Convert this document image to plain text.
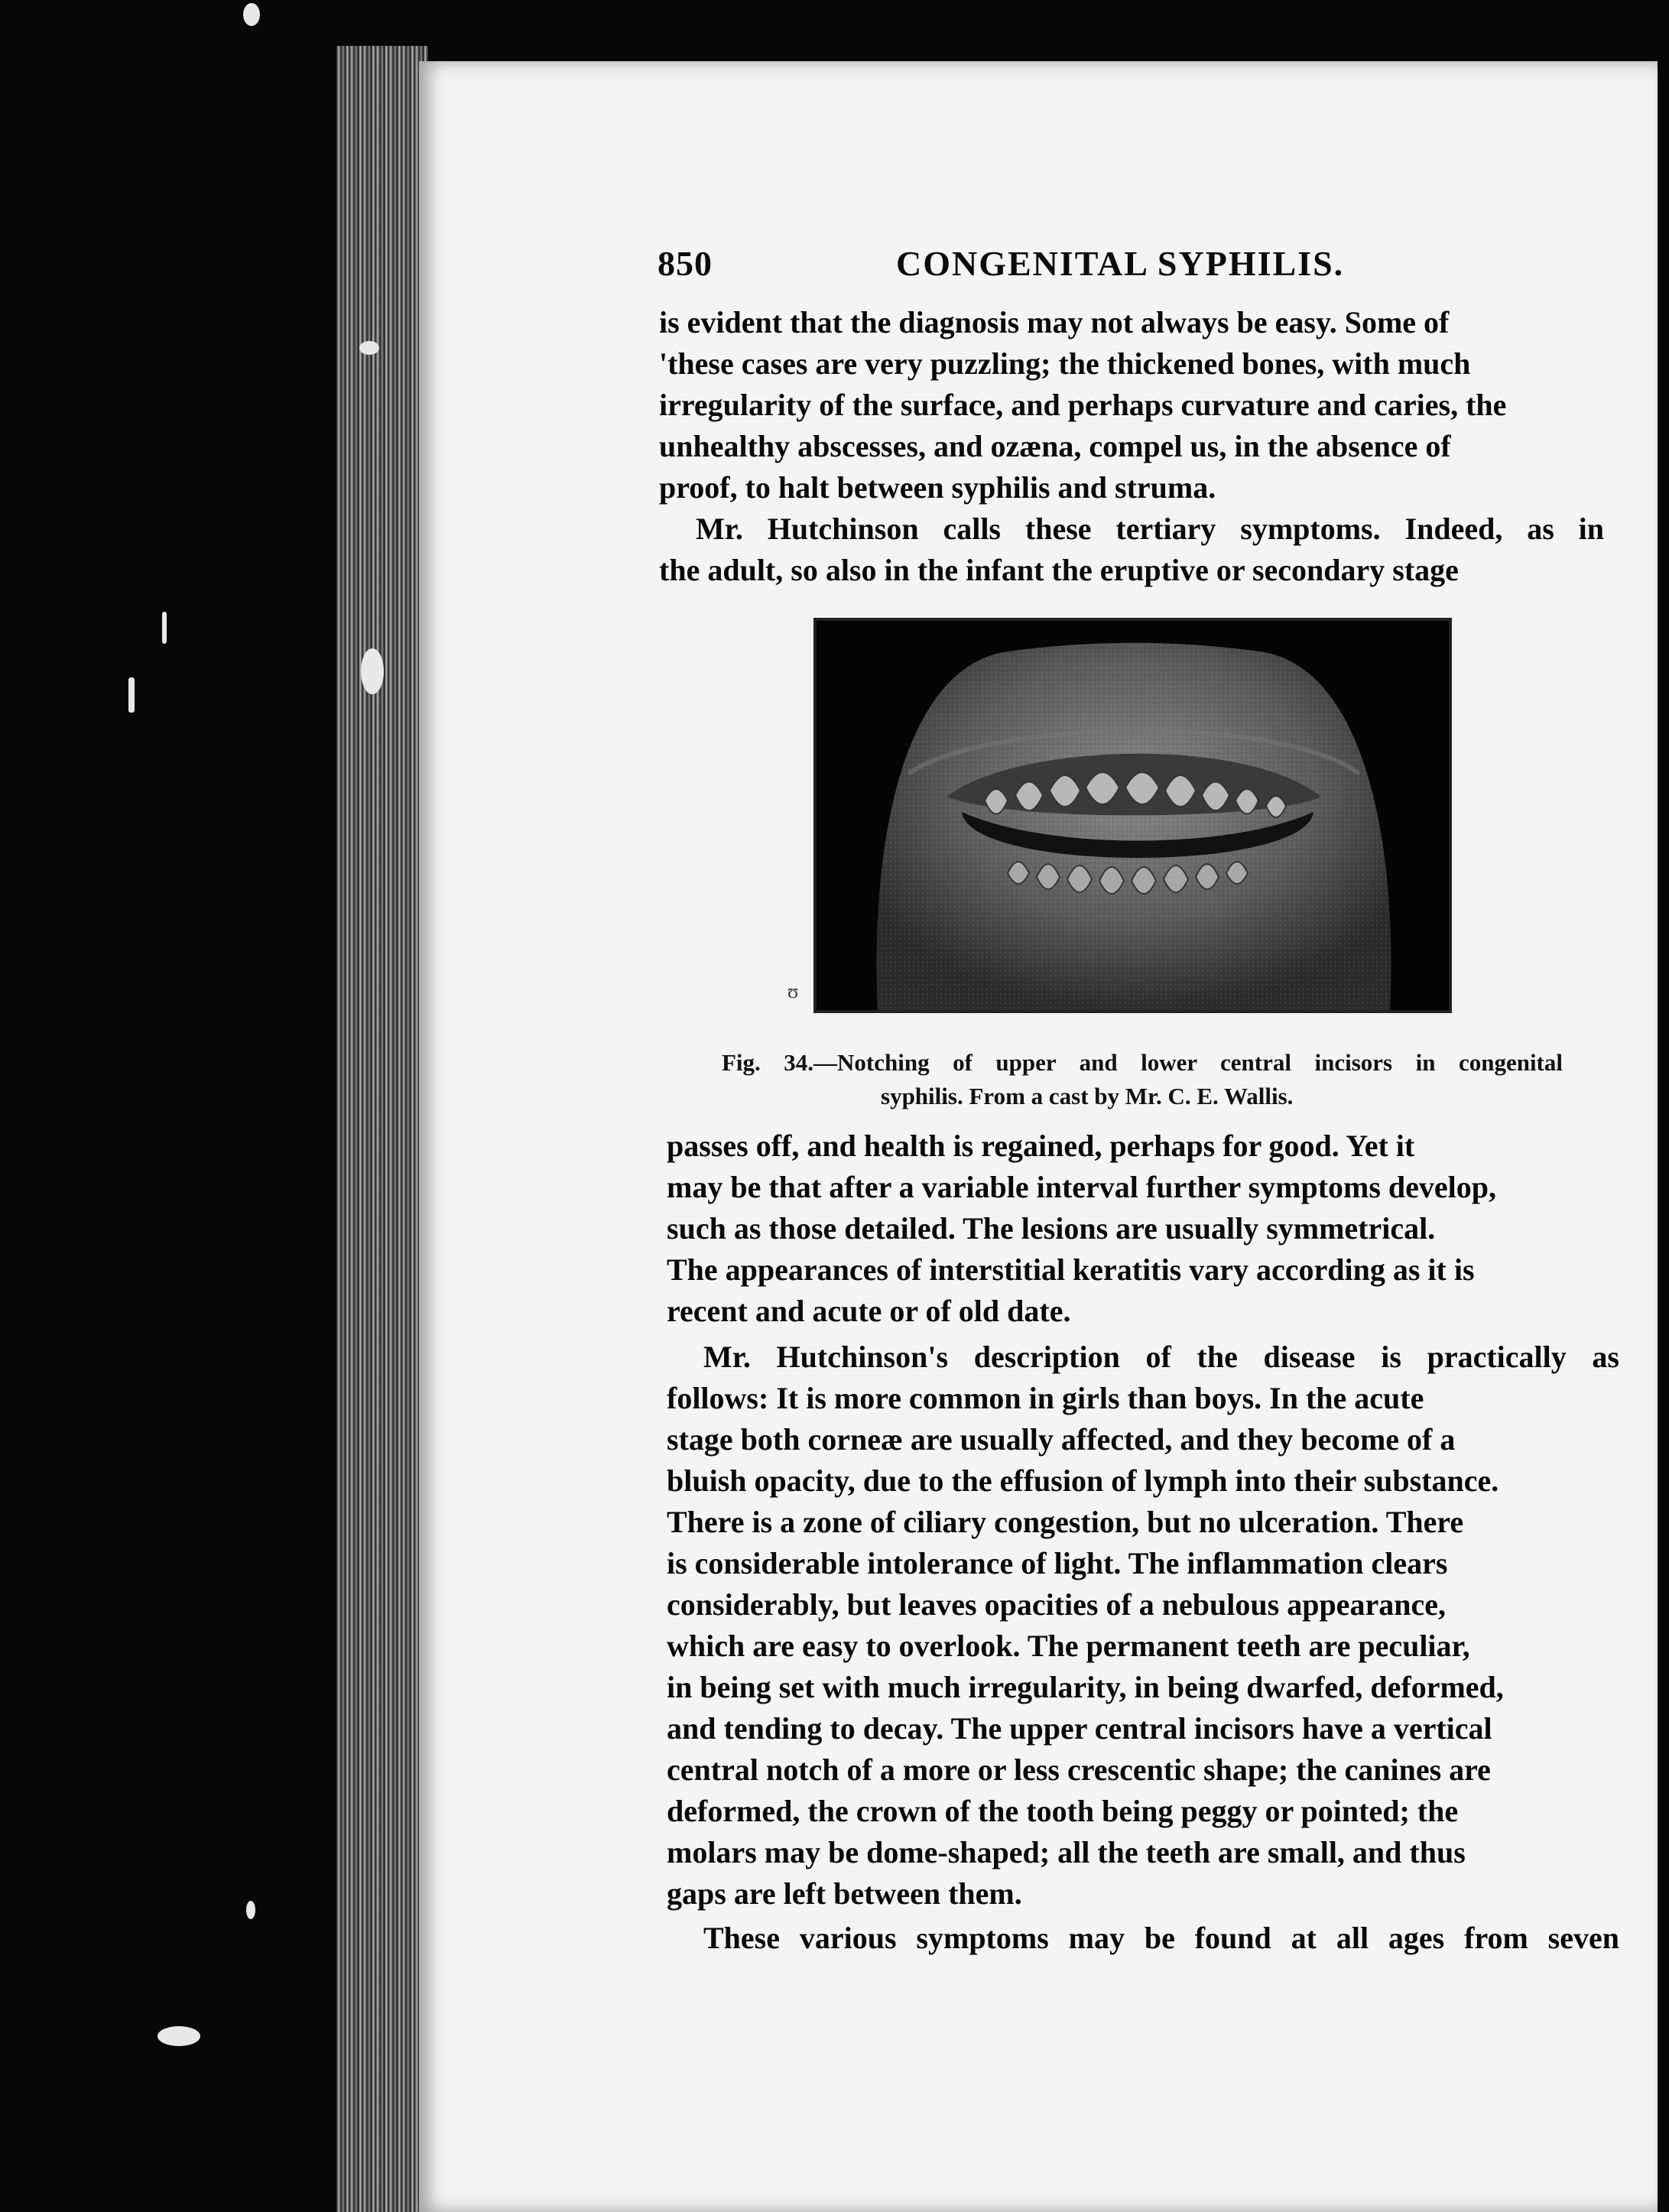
850	CONGENITAL SYPHILIS.
is evident that the diagnosis may not always be easy. Some of
'these cases are very puzzling; the thickened bones, with much
irregularity of the surface, and perhaps curvature and caries, the
unhealthy abscesses, and ozæna, compel us, in the absence of
proof, to halt between syphilis and struma.
Mr. Hutchinson calls these tertiary symptoms. Indeed, as in
the adult, so also in the infant the eruptive or secondary stage
ʊ
Fig. 34.—Notching of upper and lower central incisors in congenital
syphilis. From a cast by Mr. C. E. Wallis.
passes off, and health is regained, perhaps for good. Yet it
may be that after a variable interval further symptoms develop,
such as those detailed. The lesions are usually symmetrical.
The appearances of interstitial keratitis vary according as it is
recent and acute or of old date.
Mr. Hutchinson's description of the disease is practically as
follows: It is more common in girls than boys. In the acute
stage both corneæ are usually affected, and they become of a
bluish opacity, due to the effusion of lymph into their substance.
There is a zone of ciliary congestion, but no ulceration. There
is considerable intolerance of light. The inflammation clears
considerably, but leaves opacities of a nebulous appearance,
which are easy to overlook. The permanent teeth are peculiar,
in being set with much irregularity, in being dwarfed, deformed,
and tending to decay. The upper central incisors have a vertical
central notch of a more or less crescentic shape; the canines are
deformed, the crown of the tooth being peggy or pointed; the
molars may be dome-shaped; all the teeth are small, and thus
gaps are left between them.
These various symptoms may be found at all ages from seven
